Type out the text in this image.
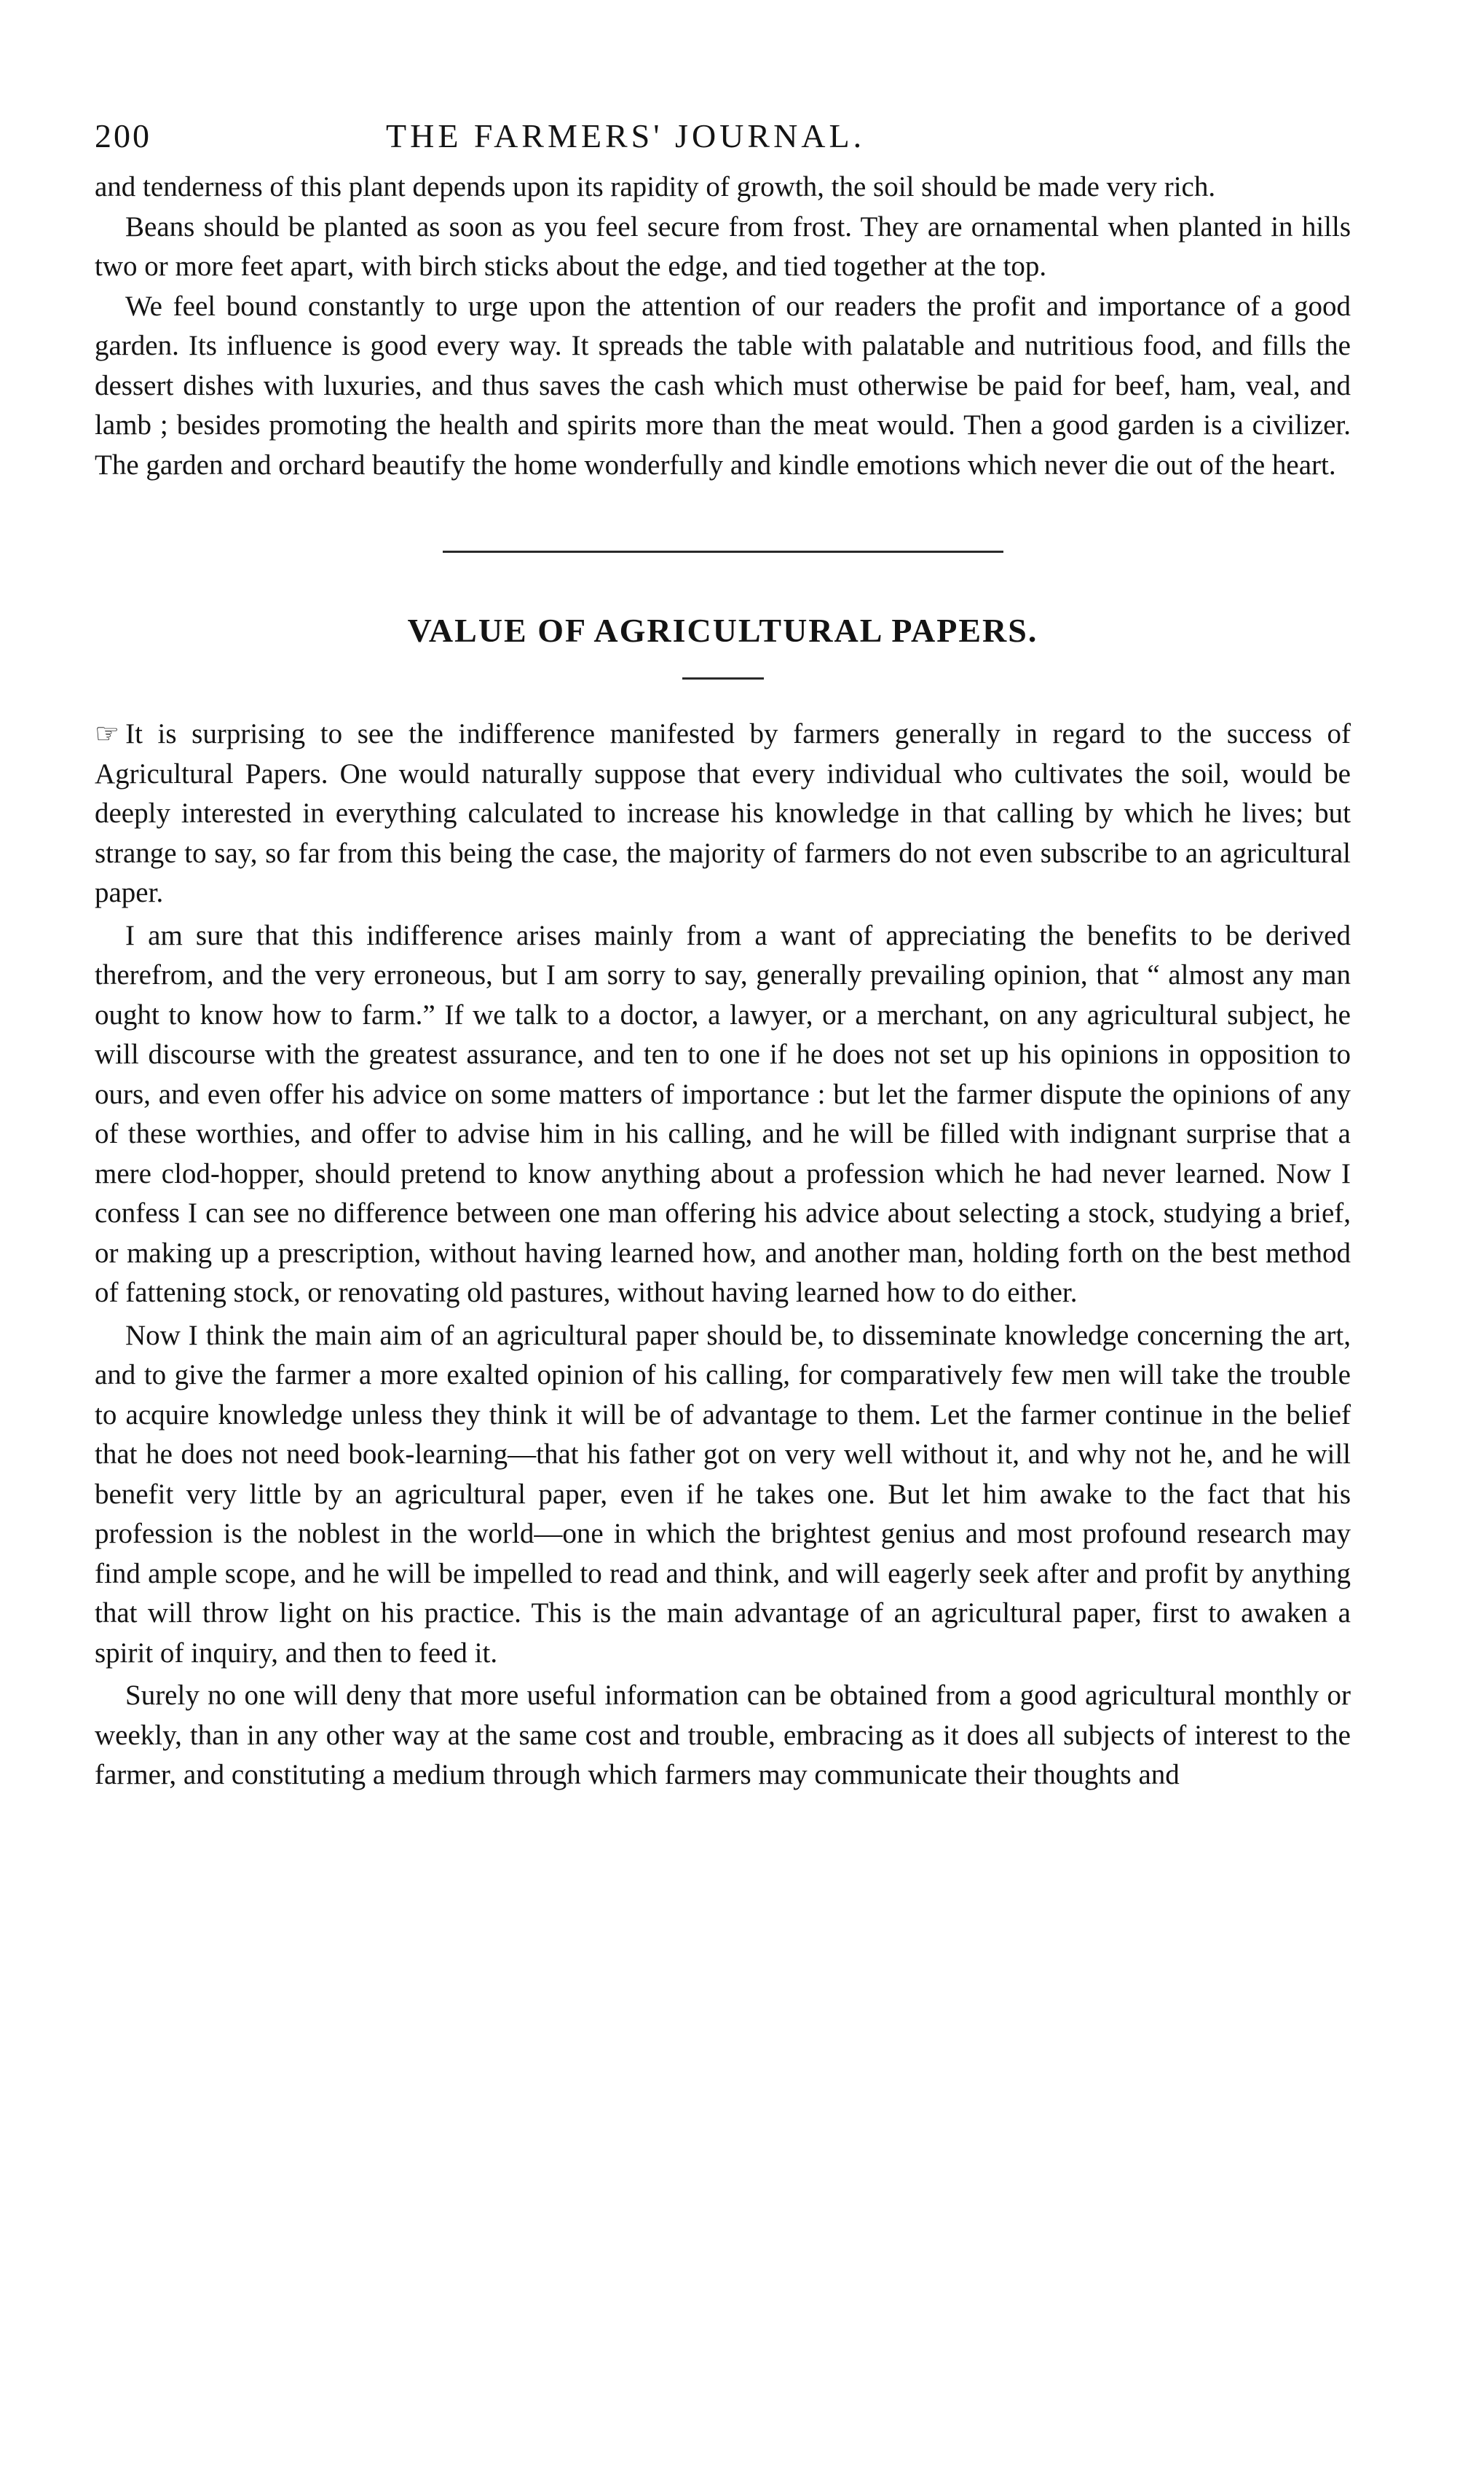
200	THE FARMERS' JOURNAL.

and tenderness of this plant depends upon its rapidity of growth, the soil should be made very rich.

Beans should be planted as soon as you feel secure from frost. They are ornamental when planted in hills two or more feet apart, with birch sticks about the edge, and tied together at the top.

We feel bound constantly to urge upon the attention of our readers the profit and importance of a good garden. Its influence is good every way. It spreads the table with palatable and nutritious food, and fills the dessert dishes with luxuries, and thus saves the cash which must otherwise be paid for beef, ham, veal, and lamb ; besides promoting the health and spirits more than the meat would. Then a good garden is a civilizer. The garden and orchard beautify the home wonderfully and kindle emotions which never die out of the heart.

VALUE OF AGRICULTURAL PAPERS.

☞ It is surprising to see the indifference manifested by farmers generally in regard to the success of Agricultural Papers. One would naturally suppose that every individual who cultivates the soil, would be deeply interested in everything calculated to increase his knowledge in that calling by which he lives; but strange to say, so far from this being the case, the majority of farmers do not even subscribe to an agricultural paper.

I am sure that this indifference arises mainly from a want of appreciating the benefits to be derived therefrom, and the very erroneous, but I am sorry to say, generally prevailing opinion, that “ almost any man ought to know how to farm.” If we talk to a doctor, a lawyer, or a merchant, on any agricultural subject, he will discourse with the greatest assurance, and ten to one if he does not set up his opinions in opposition to ours, and even offer his advice on some matters of importance : but let the farmer dispute the opinions of any of these worthies, and offer to advise him in his calling, and he will be filled with indignant surprise that a mere clod-hopper, should pretend to know anything about a profession which he had never learned. Now I confess I can see no difference between one man offering his advice about selecting a stock, studying a brief, or making up a prescription, without having learned how, and another man, holding forth on the best method of fattening stock, or renovating old pastures, without having learned how to do either.

Now I think the main aim of an agricultural paper should be, to disseminate knowledge concerning the art, and to give the farmer a more exalted opinion of his calling, for comparatively few men will take the trouble to acquire knowledge unless they think it will be of advantage to them. Let the farmer continue in the belief that he does not need book-learning—that his father got on very well without it, and why not he, and he will benefit very little by an agricultural paper, even if he takes one. But let him awake to the fact that his profession is the noblest in the world—one in which the brightest genius and most profound research may find ample scope, and he will be impelled to read and think, and will eagerly seek after and profit by anything that will throw light on his practice. This is the main advantage of an agricultural paper, first to awaken a spirit of inquiry, and then to feed it.

Surely no one will deny that more useful information can be obtained from a good agricultural monthly or weekly, than in any other way at the same cost and trouble, embracing as it does all subjects of interest to the farmer, and constituting a medium through which farmers may communicate their thoughts and
